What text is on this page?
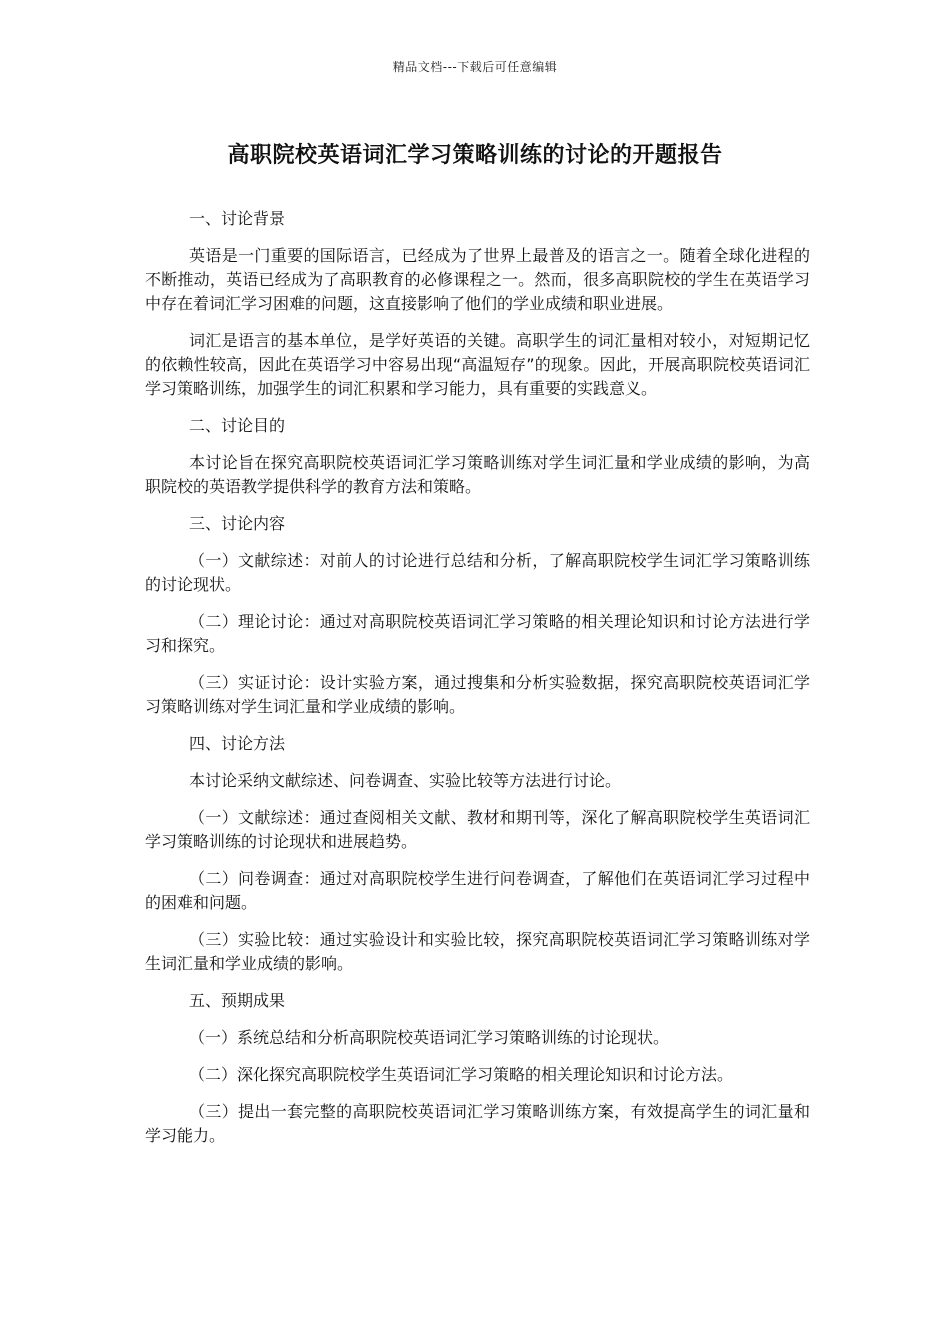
精品文档---下载后可任意编辑
高职院校英语词汇学习策略训练的讨论的开题报告
一、讨论背景
英语是一门重要的国际语言，已经成为了世界上最普及的语言之一。随着全球化进程的不断推动，英语已经成为了高职教育的必修课程之一。然而，很多高职院校的学生在英语学习中存在着词汇学习困难的问题，这直接影响了他们的学业成绩和职业进展。
词汇是语言的基本单位，是学好英语的关键。高职学生的词汇量相对较小，对短期记忆的依赖性较高，因此在英语学习中容易出现“高温短存”的现象。因此，开展高职院校英语词汇学习策略训练，加强学生的词汇积累和学习能力，具有重要的实践意义。
二、讨论目的
本讨论旨在探究高职院校英语词汇学习策略训练对学生词汇量和学业成绩的影响，为高职院校的英语教学提供科学的教育方法和策略。
三、讨论内容
（一）文献综述：对前人的讨论进行总结和分析，了解高职院校学生词汇学习策略训练的讨论现状。
（二）理论讨论：通过对高职院校英语词汇学习策略的相关理论知识和讨论方法进行学习和探究。
（三）实证讨论：设计实验方案，通过搜集和分析实验数据，探究高职院校英语词汇学习策略训练对学生词汇量和学业成绩的影响。
四、讨论方法
本讨论采纳文献综述、问卷调查、实验比较等方法进行讨论。
（一）文献综述：通过查阅相关文献、教材和期刊等，深化了解高职院校学生英语词汇学习策略训练的讨论现状和进展趋势。
（二）问卷调查：通过对高职院校学生进行问卷调查，了解他们在英语词汇学习过程中的困难和问题。
（三）实验比较：通过实验设计和实验比较，探究高职院校英语词汇学习策略训练对学生词汇量和学业成绩的影响。
五、预期成果
（一）系统总结和分析高职院校英语词汇学习策略训练的讨论现状。
（二）深化探究高职院校学生英语词汇学习策略的相关理论知识和讨论方法。
（三）提出一套完整的高职院校英语词汇学习策略训练方案，有效提高学生的词汇量和学习能力。
